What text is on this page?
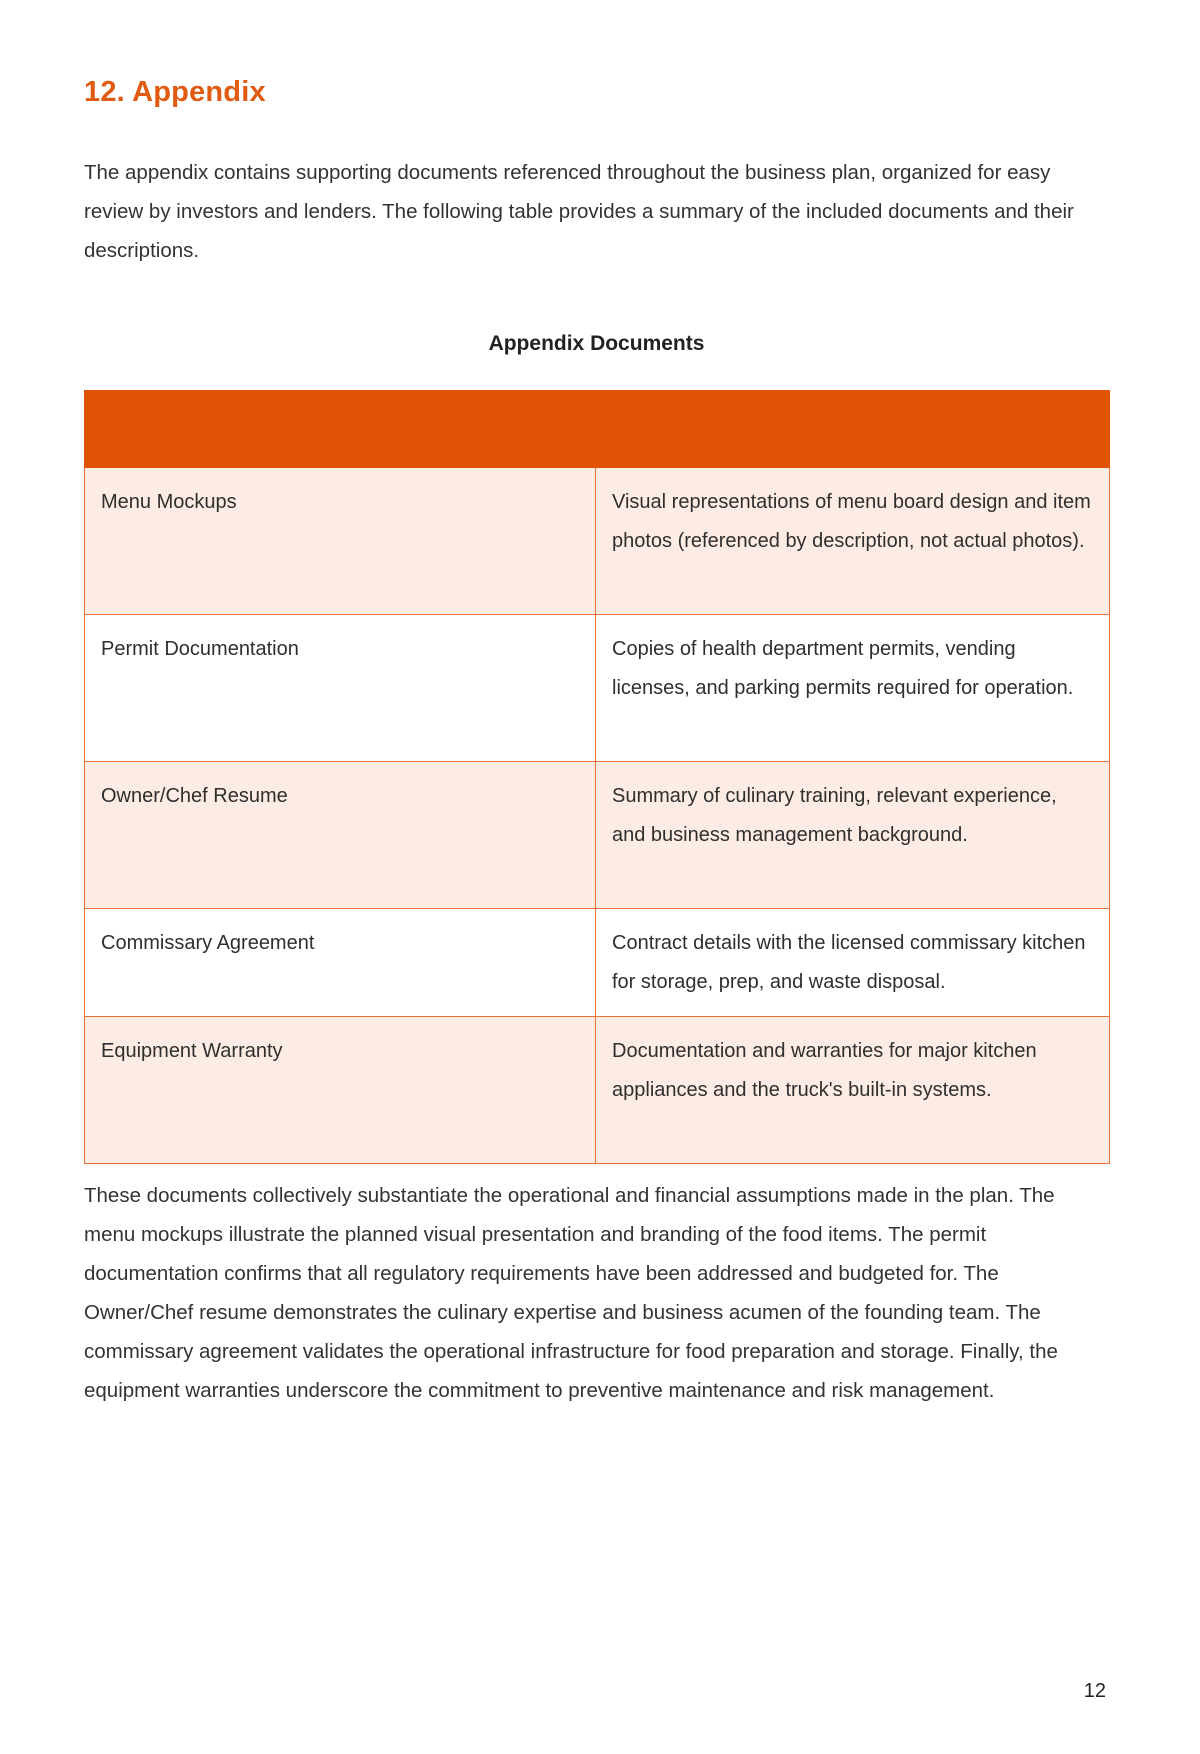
12. Appendix

The appendix contains supporting documents referenced throughout the business plan, organized for easy review by investors and lenders. The following table provides a summary of the included documents and their descriptions.

Appendix Documents

Menu Mockups	Visual representations of menu board design and item photos (referenced by description, not actual photos).
Permit Documentation	Copies of health department permits, vending licenses, and parking permits required for operation.
Owner/Chef Resume	Summary of culinary training, relevant experience, and business management background.
Commissary Agreement	Contract details with the licensed commissary kitchen for storage, prep, and waste disposal.
Equipment Warranty	Documentation and warranties for major kitchen appliances and the truck's built-in systems.

These documents collectively substantiate the operational and financial assumptions made in the plan. The menu mockups illustrate the planned visual presentation and branding of the food items. The permit documentation confirms that all regulatory requirements have been addressed and budgeted for. The Owner/Chef resume demonstrates the culinary expertise and business acumen of the founding team. The commissary agreement validates the operational infrastructure for food preparation and storage. Finally, the equipment warranties underscore the commitment to preventive maintenance and risk management.

12
